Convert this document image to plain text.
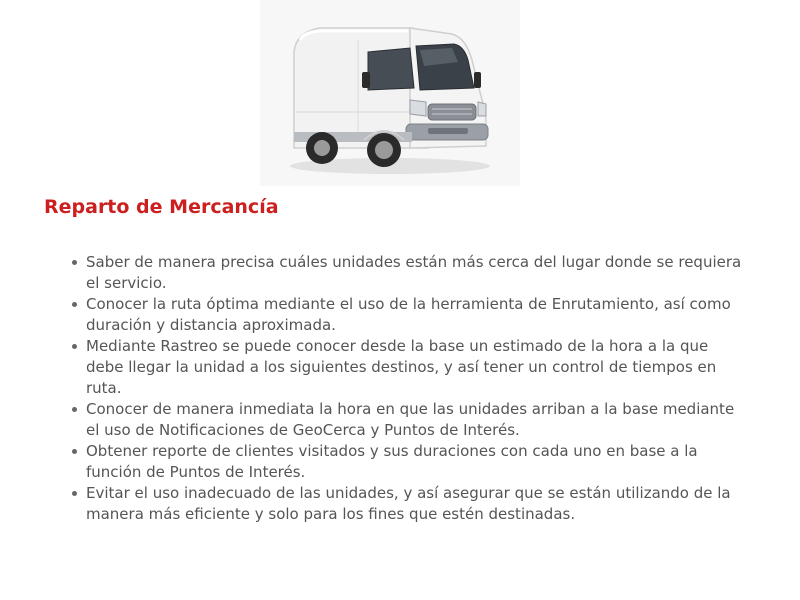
Reparto de Mercancía
Saber de manera precisa cuáles unidades están más cerca del lugar donde se requiera el servicio.
Conocer la ruta óptima mediante el uso de la herramienta de Enrutamiento, así como duración y distancia aproximada.
Mediante Rastreo se puede conocer desde la base un estimado de la hora a la que debe llegar la unidad a los siguientes destinos, y así tener un control de tiempos en ruta.
Conocer de manera inmediata la hora en que las unidades arriban a la base mediante el uso de Notificaciones de GeoCerca y Puntos de Interés.
Obtener reporte de clientes visitados y sus duraciones con cada uno en base a la función de Puntos de Interés.
Evitar el uso inadecuado de las unidades, y así asegurar que se están utilizando de la manera más eficiente y solo para los fines que estén destinadas.
